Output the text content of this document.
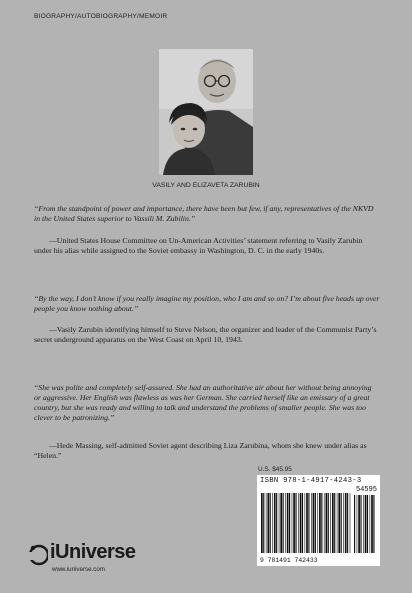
BIOGRAPHY/AUTOBIOGRAPHY/MEMOIR
VASILY AND ELIZAVETA ZARUBIN

“From the standpoint of power and importance, there have been but few, if any, representatives of the NKVD in the United States superior to Vassili M. Zubilin.”

—United States House Committee on Un-American Activities’ statement referring to Vasily Zarubin under his alias while assigned to the Soviet embassy in Washington, D. C. in the early 1940s.

“By the way, I don’t know if you really imagine my position, who I am and so on? I’m about five heads up over people you know nothing about.”

—Vasily Zarubin identifying himself to Steve Nelson, the organizer and leader of the Communist Party’s secret underground apparatus on the West Coast on April 10, 1943.

“She was polite and completely self-assured. She had an authoritative air about her without being annoying or aggressive. Her English was flawless as was her German. She carried herself like an emissary of a great country, but she was ready and willing to talk and understand the problems of smaller people. She was too clever to be patronizing.”

—Hede Massing, self-admitted Soviet agent describing Liza Zarubina, whom she knew under alias as “Helen.”

U.S. $45.95
ISBN 978-1-4917-4243-3
54595
9 781491 742433
iUniverse
www.iuniverse.com
